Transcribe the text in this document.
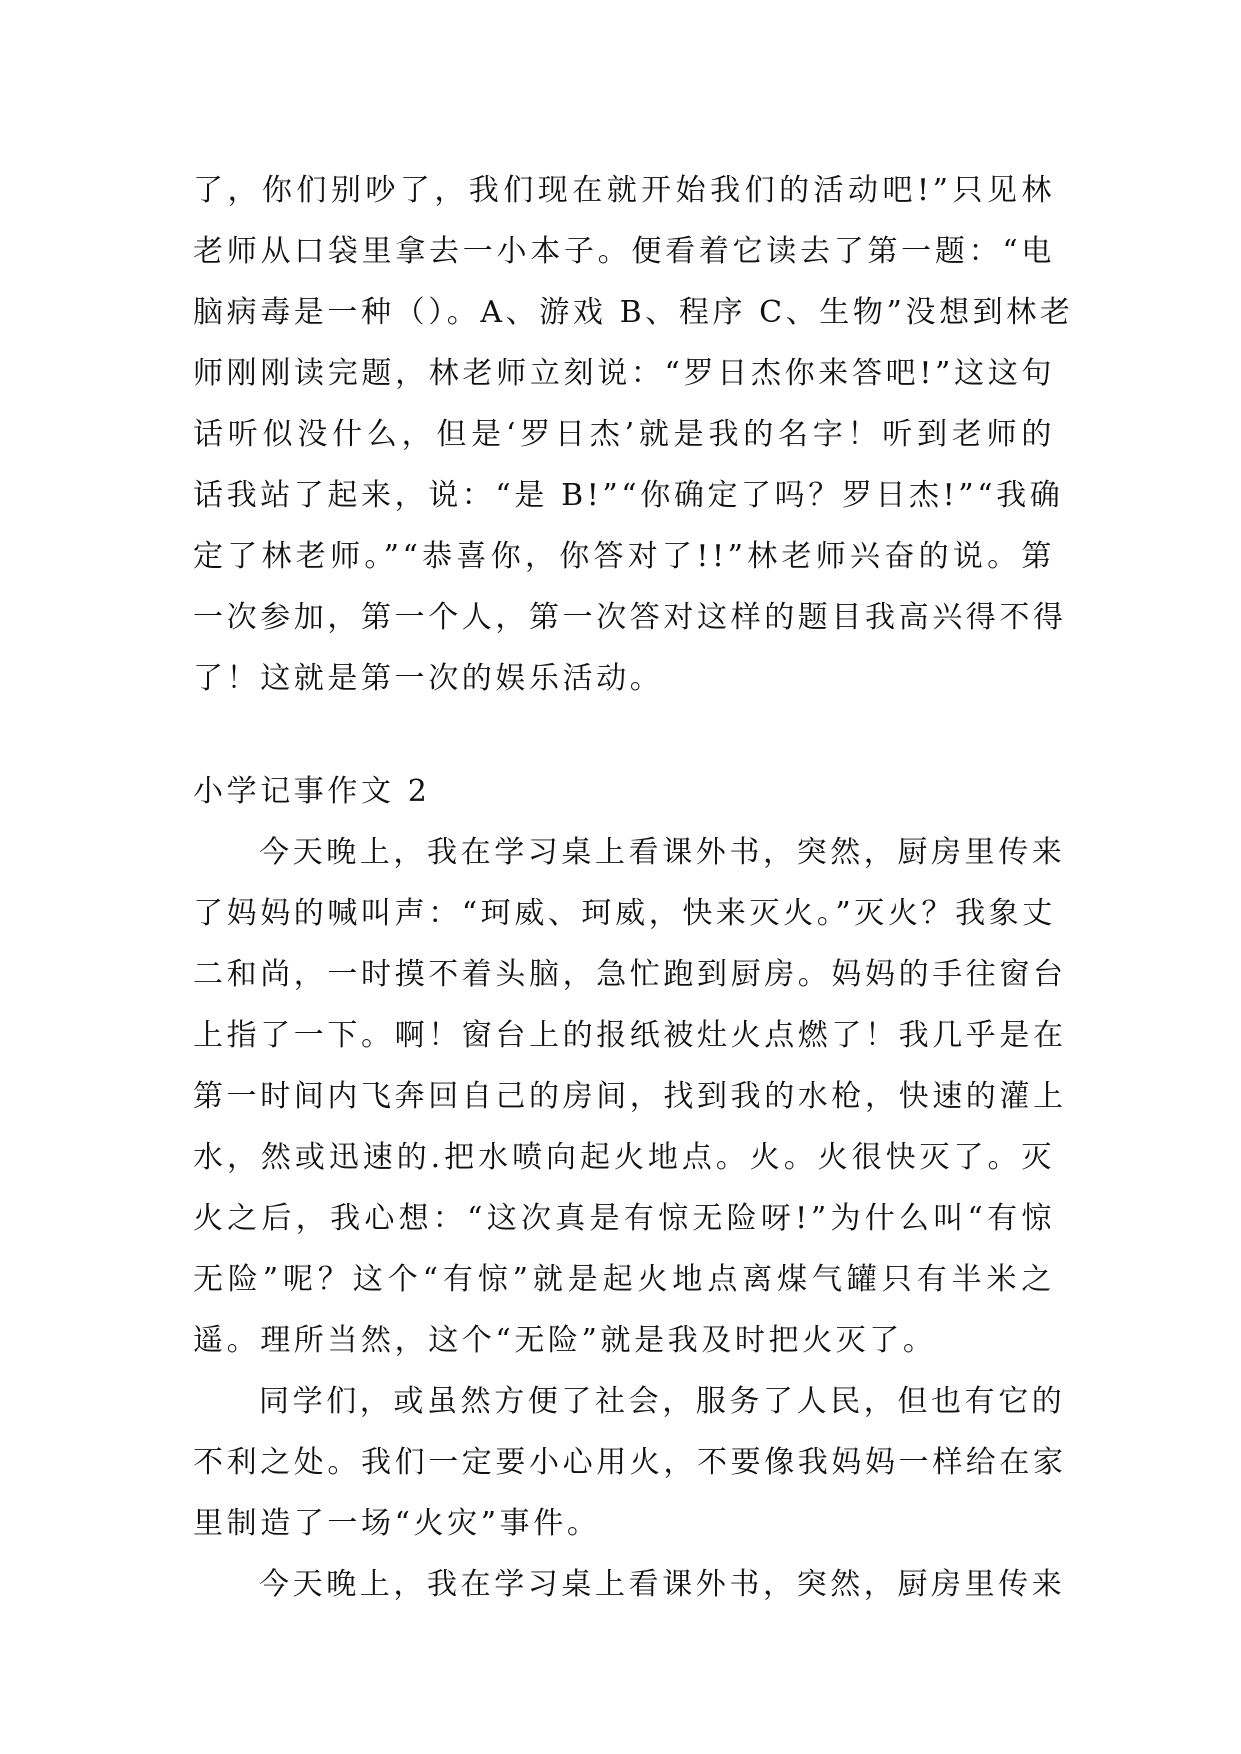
了，你们别吵了，我们现在就开始我们的活动吧!”只见林
老师从口袋里拿去一小本子。便看着它读去了第一题：“电
脑病毒是一种（）。A、游戏 B、程序 C、生物”没想到林老
师刚刚读完题，林老师立刻说：“罗日杰你来答吧!”这这句
话听似没什么，但是‘罗日杰’就是我的名字！听到老师的
话我站了起来，说：“是 B!”“你确定了吗？罗日杰!”“我确
定了林老师。”“恭喜你，你答对了!!”林老师兴奋的说。第
一次参加，第一个人，第一次答对这样的题目我高兴得不得
了！这就是第一次的娱乐活动。
小学记事作文 2
今天晚上，我在学习桌上看课外书，突然，厨房里传来
了妈妈的喊叫声：“珂威、珂威，快来灭火。”灭火？我象丈
二和尚，一时摸不着头脑，急忙跑到厨房。妈妈的手往窗台
上指了一下。啊！窗台上的报纸被灶火点燃了！我几乎是在
第一时间内飞奔回自己的房间，找到我的水枪，快速的灌上
水，然或迅速的.把水喷向起火地点。火。火很快灭了。灭
火之后，我心想：“这次真是有惊无险呀!”为什么叫“有惊
无险”呢？这个“有惊”就是起火地点离煤气罐只有半米之
遥。理所当然，这个“无险”就是我及时把火灭了。
同学们，或虽然方便了社会，服务了人民，但也有它的
不利之处。我们一定要小心用火，不要像我妈妈一样给在家
里制造了一场“火灾”事件。
今天晚上，我在学习桌上看课外书，突然，厨房里传来
